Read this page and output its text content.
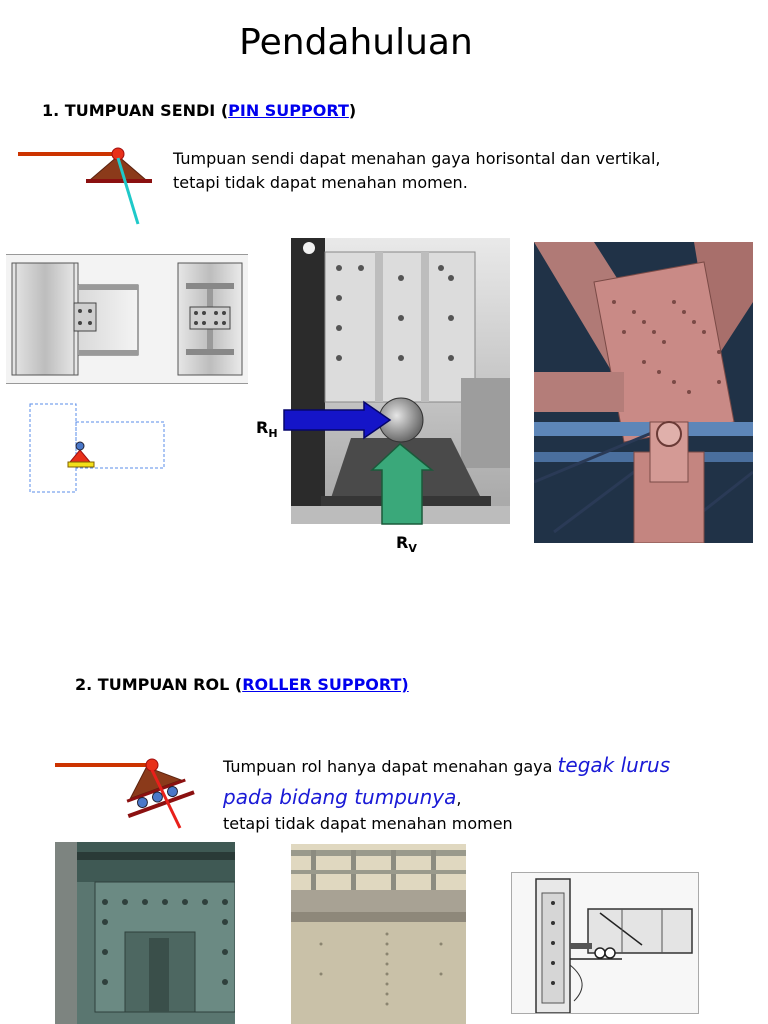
Pendahuluan
1. TUMPUAN SENDI (PIN SUPPORT)
Tumpuan sendi dapat menahan gaya horisontal dan vertikal,
tetapi tidak dapat menahan momen.
$R_H$
$R_V$
2. TUMPUAN ROL (ROLLER SUPPORT)
Tumpuan rol hanya dapat menahan gaya tegak lurus
pada bidang tumpunya,
tetapi tidak dapat menahan momen
